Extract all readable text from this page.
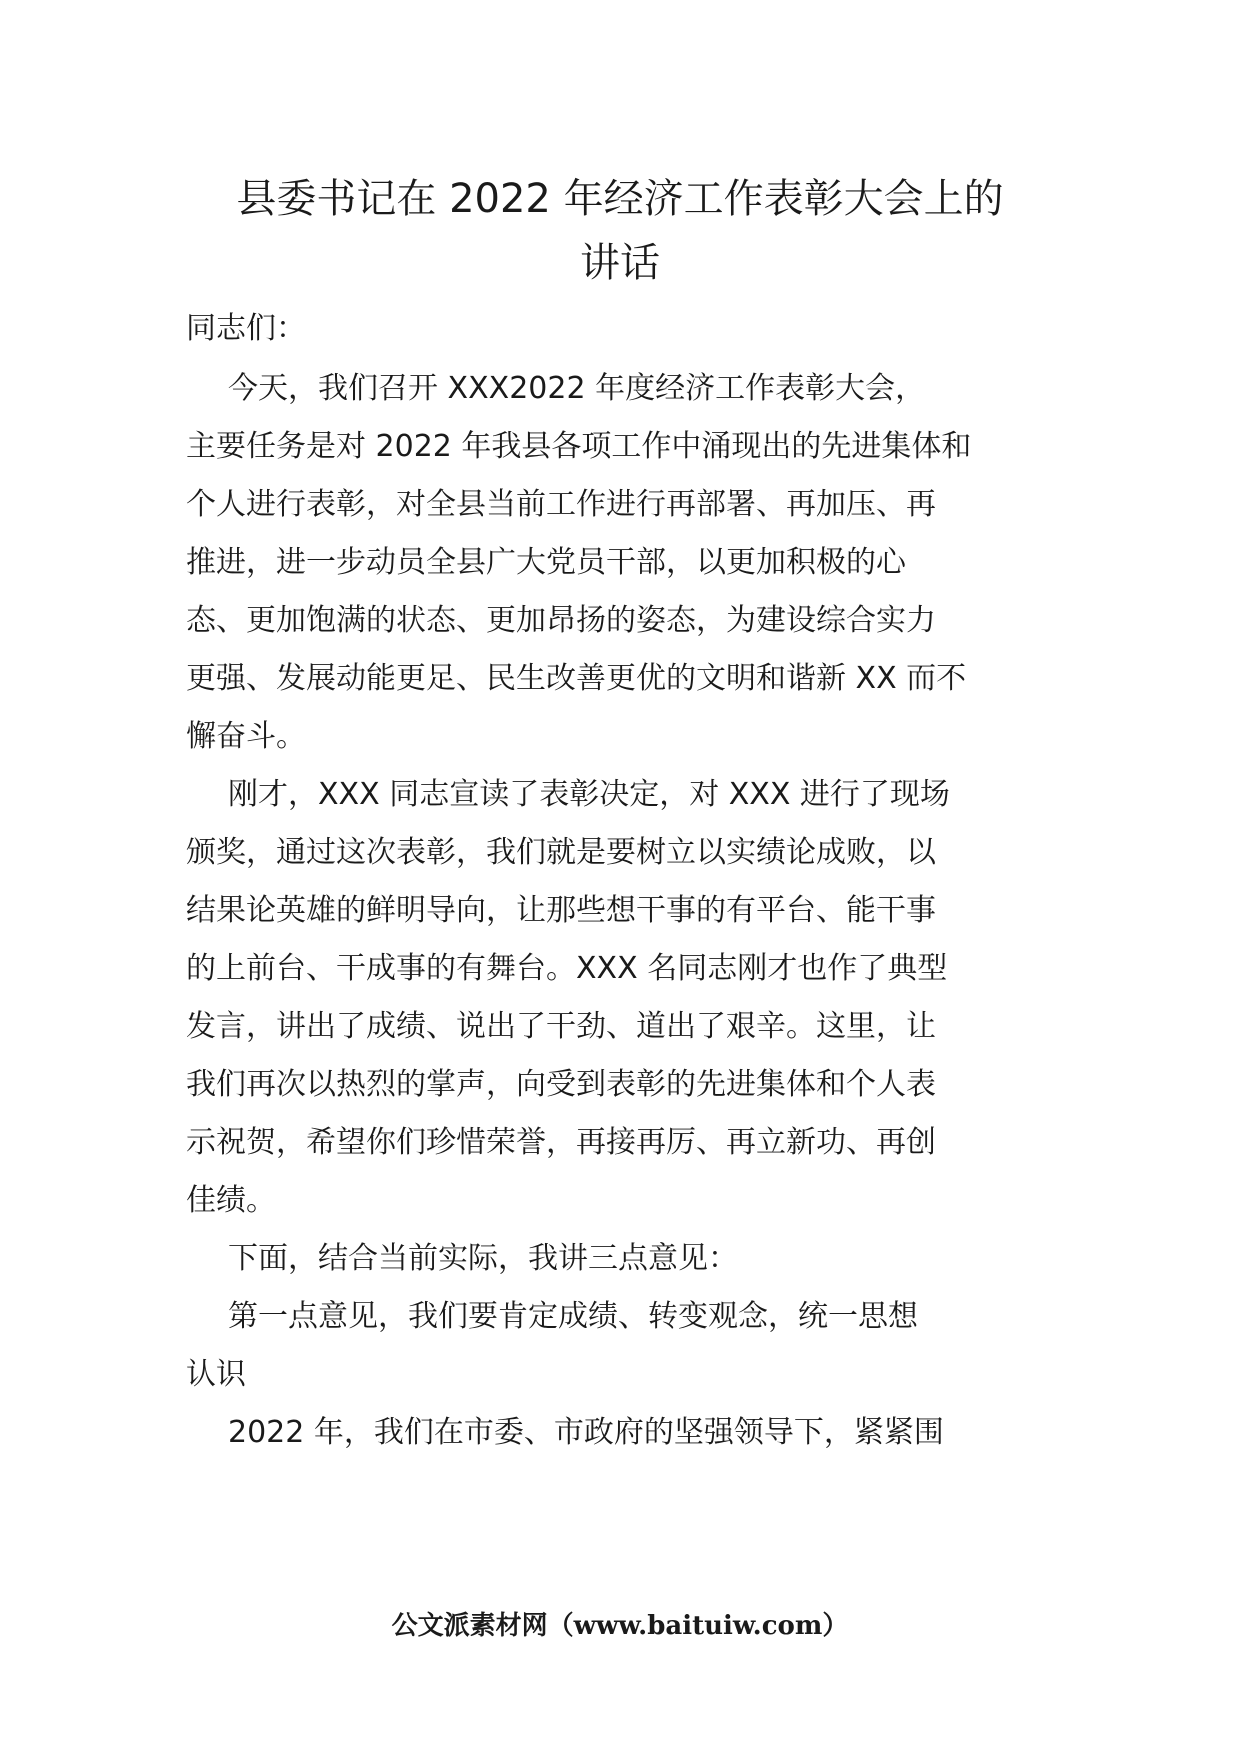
县委书记在 2022 年经济工作表彰大会上的
讲话

同志们：

今天，我们召开 XXX2022 年度经济工作表彰大会，

主要任务是对 2022 年我县各项工作中涌现出的先进集体和

个人进行表彰，对全县当前工作进行再部署、再加压、再

推进，进一步动员全县广大党员干部，以更加积极的心

态、更加饱满的状态、更加昂扬的姿态，为建设综合实力

更强、发展动能更足、民生改善更优的文明和谐新 XX 而不

懈奋斗。

刚才，XXX 同志宣读了表彰决定，对 XXX 进行了现场

颁奖，通过这次表彰，我们就是要树立以实绩论成败，以

结果论英雄的鲜明导向，让那些想干事的有平台、能干事

的上前台、干成事的有舞台。XXX 名同志刚才也作了典型

发言，讲出了成绩、说出了干劲、道出了艰辛。这里，让

我们再次以热烈的掌声，向受到表彰的先进集体和个人表

示祝贺，希望你们珍惜荣誉，再接再厉、再立新功、再创

佳绩。

下面，结合当前实际，我讲三点意见：

第一点意见，我们要肯定成绩、转变观念，统一思想

认识

2022 年，我们在市委、市政府的坚强领导下，紧紧围

公文派素材网（www.baituiw.com）
